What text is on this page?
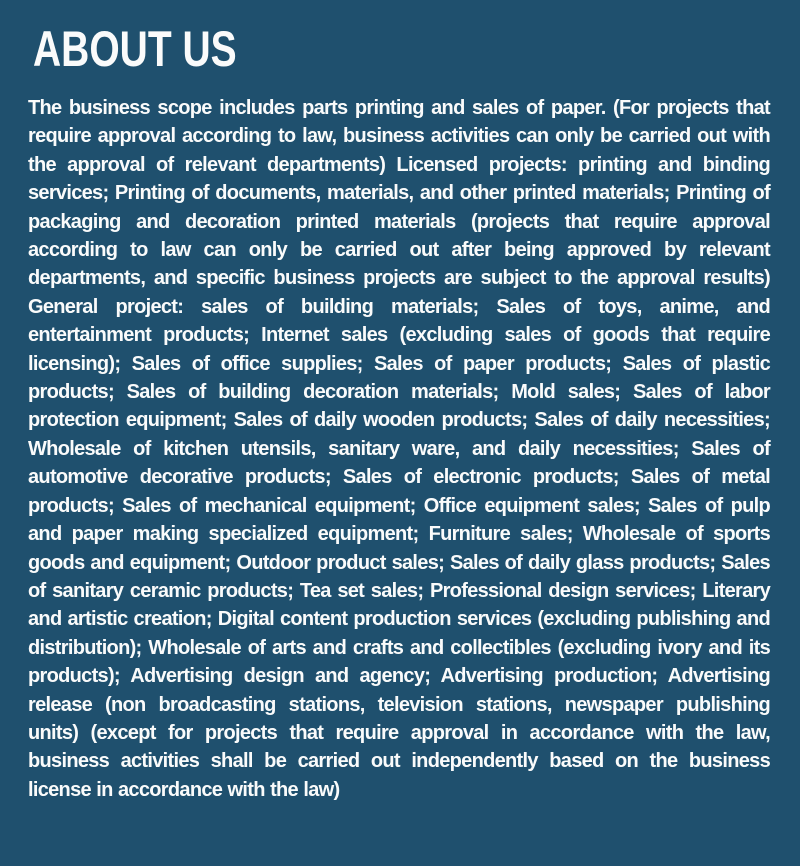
ABOUT US

The business scope includes parts printing and sales of paper. (For projects that require approval according to law, business activities can only be carried out with the approval of relevant departments) Licensed projects: printing and binding services; Printing of documents, materials, and other printed materials; Printing of packaging and decoration printed materials (projects that require approval according to law can only be carried out after being approved by relevant departments, and specific business projects are subject to the approval results) General project: sales of building materials; Sales of toys, anime, and entertainment products; Internet sales (excluding sales of goods that require licensing); Sales of office supplies; Sales of paper products; Sales of plastic products; Sales of building decoration materials; Mold sales; Sales of labor protection equipment; Sales of daily wooden products; Sales of daily necessities; Wholesale of kitchen utensils, sanitary ware, and daily necessities; Sales of automotive decorative products; Sales of electronic products; Sales of metal products; Sales of mechanical equipment; Office equipment sales; Sales of pulp and paper making specialized equipment; Furniture sales; Wholesale of sports goods and equipment; Outdoor product sales; Sales of daily glass products; Sales of sanitary ceramic products; Tea set sales; Professional design services; Literary and artistic creation; Digital content production services (excluding publishing and distribution); Wholesale of arts and crafts and collectibles (excluding ivory and its products); Advertising design and agency; Advertising production; Advertising release (non broadcasting stations, television stations, newspaper publishing units) (except for projects that require approval in accordance with the law, business activities shall be carried out independently based on the business license in accordance with the law)
